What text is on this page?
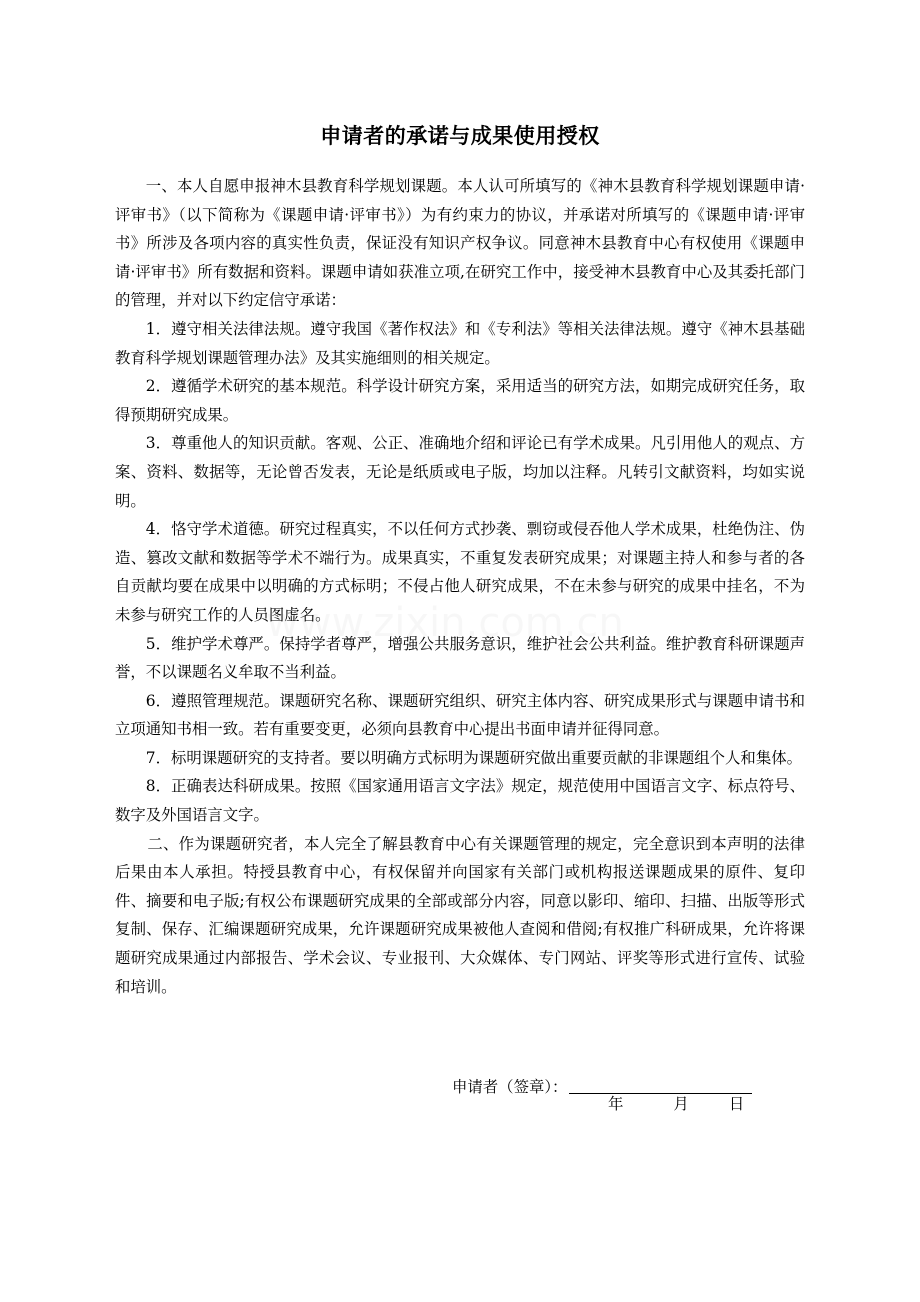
申请者的承诺与成果使用授权

一、本人自愿申报神木县教育科学规划课题。本人认可所填写的《神木县教育科学规划课题申请·评审书》（以下简称为《课题申请·评审书》）为有约束力的协议，并承诺对所填写的《课题申请·评审书》所涉及各项内容的真实性负责，保证没有知识产权争议。同意神木县教育中心有权使用《课题申请·评审书》所有数据和资料。课题申请如获准立项,在研究工作中，接受神木县教育中心及其委托部门的管理，并对以下约定信守承诺：

1．遵守相关法律法规。遵守我国《著作权法》和《专利法》等相关法律法规。遵守《神木县基础教育科学规划课题管理办法》及其实施细则的相关规定。

2．遵循学术研究的基本规范。科学设计研究方案，采用适当的研究方法，如期完成研究任务，取得预期研究成果。

3．尊重他人的知识贡献。客观、公正、准确地介绍和评论已有学术成果。凡引用他人的观点、方案、资料、数据等，无论曾否发表，无论是纸质或电子版，均加以注释。凡转引文献资料，均如实说明。

4．恪守学术道德。研究过程真实，不以任何方式抄袭、剽窃或侵吞他人学术成果，杜绝伪注、伪造、篡改文献和数据等学术不端行为。成果真实，不重复发表研究成果；对课题主持人和参与者的各自贡献均要在成果中以明确的方式标明；不侵占他人研究成果，不在未参与研究的成果中挂名，不为未参与研究工作的人员图虚名。

5．维护学术尊严。保持学者尊严，增强公共服务意识，维护社会公共利益。维护教育科研课题声誉，不以课题名义牟取不当利益。

6．遵照管理规范。课题研究名称、课题研究组织、研究主体内容、研究成果形式与课题申请书和立项通知书相一致。若有重要变更，必须向县教育中心提出书面申请并征得同意。

7．标明课题研究的支持者。要以明确方式标明为课题研究做出重要贡献的非课题组个人和集体。

8．正确表达科研成果。按照《国家通用语言文字法》规定，规范使用中国语言文字、标点符号、数字及外国语言文字。

二、作为课题研究者，本人完全了解县教育中心有关课题管理的规定，完全意识到本声明的法律后果由本人承担。特授县教育中心，有权保留并向国家有关部门或机构报送课题成果的原件、复印件、摘要和电子版;有权公布课题研究成果的全部或部分内容，同意以影印、缩印、扫描、出版等形式复制、保存、汇编课题研究成果，允许课题研究成果被他人查阅和借阅;有权推广科研成果，允许将课题研究成果通过内部报告、学术会议、专业报刊、大众媒体、专门网站、评奖等形式进行宣传、试验和培训。

申请者（签章）：
年	月	日
